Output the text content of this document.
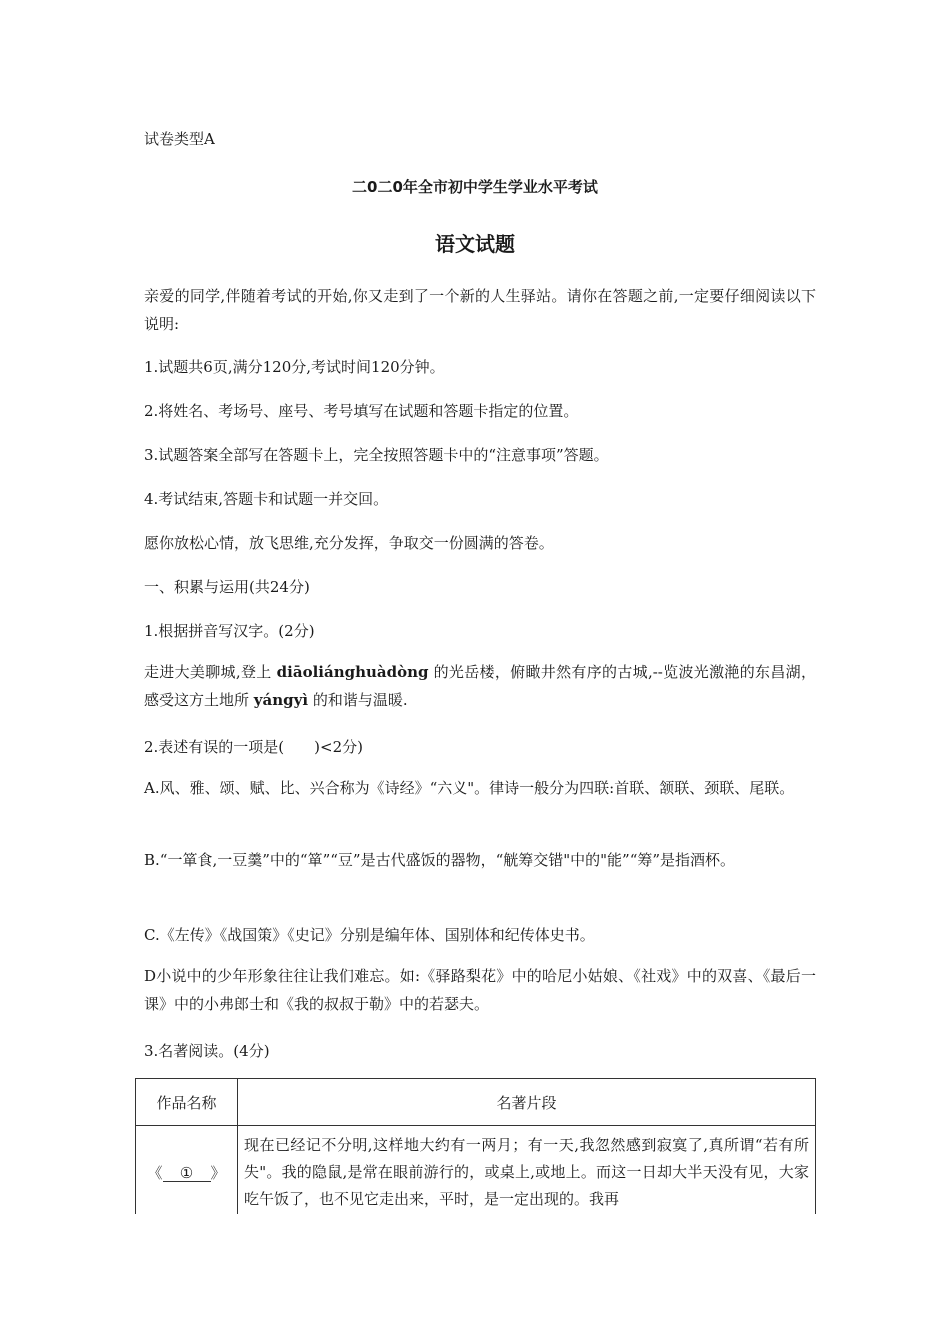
试卷类型A
二0二0年全市初中学生学业水平考试
语文试题
亲爱的同学,伴随着考试的开始,你又走到了一个新的人生驿站。请你在答题之前,一定要仔细阅读以下说明:
1.试题共6页,满分120分,考试时间120分钟。
2.将姓名、考场号、座号、考号填写在试题和答题卡指定的位置。
3.试题答案全部写在答题卡上，完全按照答题卡中的“注意事项”答题。
4.考试结束,答题卡和试题一并交回。
愿你放松心情，放飞思维,充分发挥，争取交一份圆满的答卷。
一、积累与运用(共24分)
1.根据拼音写汉字。(2分)
走进大美聊城,登上 diāoliánghuàdòng 的光岳楼，俯瞰井然有序的古城,--览波光激滟的东昌湖，感受这方土地所 yángyì 的和谐与温暖.
2.表述有误的一项是(　　)<2分)
A.风、雅、颂、赋、比、兴合称为《诗经》“六义"。律诗一般分为四联:首联、颔联、颈联、尾联。
B.“一箪食,一豆羹”中的“箪”“豆”是古代盛饭的器物，“觥筹交错"中的"能”“筹”是指酒杯。
C.《左传》《战国策》《史记》分别是编年体、国别体和纪传体史书。
D小说中的少年形象往往让我们难忘。如:《驿路梨花》中的哈尼小姑娘、《社戏》中的双喜、《最后一课》中的小弗郎士和《我的叔叔于勒》中的若瑟夫。
3.名著阅读。(4分)
作品名称	名著片段
《 ① 》	现在已经记不分明,这样地大约有一两月；有一天,我忽然感到寂寞了,真所谓“若有所失"。我的隐鼠,是常在眼前游行的，或桌上,或地上。而这一日却大半天没有见，大家吃午饭了，也不见它走出来，平时，是一定出现的。我再
